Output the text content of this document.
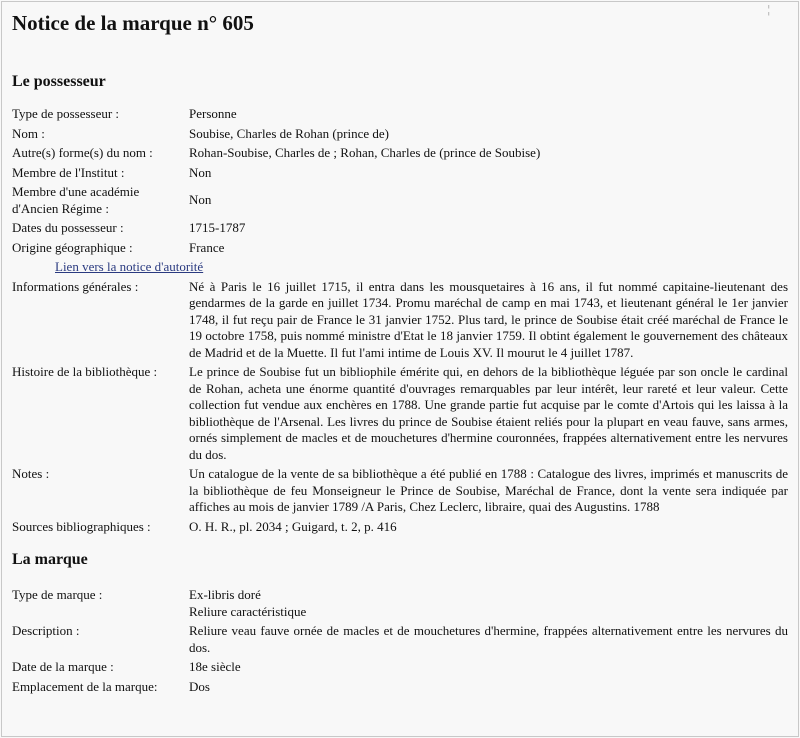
¦
Notice de la marque n° 605
Le possesseur
Type de possesseur :	Personne
Nom :	Soubise, Charles de Rohan (prince de)
Autre(s) forme(s) du nom :	Rohan-Soubise, Charles de ; Rohan, Charles de (prince de Soubise)
Membre de l'Institut :	Non

Membre d'une académie
d'Ancien Régime :	Non
Dates du possesseur :	1715-1787
Origine géographique :	France
Lien vers la notice d'autorité	
Informations générales :	Né à Paris le 16 juillet 1715, il entra dans les mousquetaires à 16 ans, il fut nommé capitaine-lieutenant des gendarmes de la garde en juillet 1734. Promu maréchal de camp en mai 1743, et lieutenant général le 1er janvier 1748, il fut reçu pair de France le 31 janvier 1752. Plus tard, le prince de Soubise était créé maréchal de France le 19 octobre 1758, puis nommé ministre d'Etat le 18 janvier 1759. Il obtint également le gouvernement des châteaux de Madrid et de la Muette. Il fut l'ami intime de Louis XV. Il mourut le 4 juillet 1787.
Histoire de la bibliothèque :	Le prince de Soubise fut un bibliophile émérite qui, en dehors de la bibliothèque léguée par son oncle le cardinal de Rohan, acheta une énorme quantité d'ouvrages remarquables par leur intérêt, leur rareté et leur valeur. Cette collection fut vendue aux enchères en 1788. Une grande partie fut acquise par le comte d'Artois qui les laissa à la bibliothèque de l'Arsenal. Les livres du prince de Soubise étaient reliés pour la plupart en veau fauve, sans armes, ornés simplement de macles et de mouchetures d'hermine couronnées, frappées alternativement entre les nervures du dos.
Notes :	Un catalogue de la vente de sa bibliothèque a été publié en 1788 : Catalogue des livres, imprimés et manuscrits de la bibliothèque de feu Monseigneur le Prince de Soubise, Maréchal de France, dont la vente sera indiquée par affiches au mois de janvier 1789 /A Paris, Chez Leclerc, libraire, quai des Augustins. 1788
Sources bibliographiques :	O. H. R., pl. 2034 ; Guigard, t. 2, p. 416
La marque
Type de marque :	Ex-libris doré
Reliure caractéristique

Description :	Reliure veau fauve ornée de macles et de mouchetures d'hermine, frappées alternativement entre les nervures du dos.
Date de la marque :	18e siècle
Emplacement de la marque:	Dos
